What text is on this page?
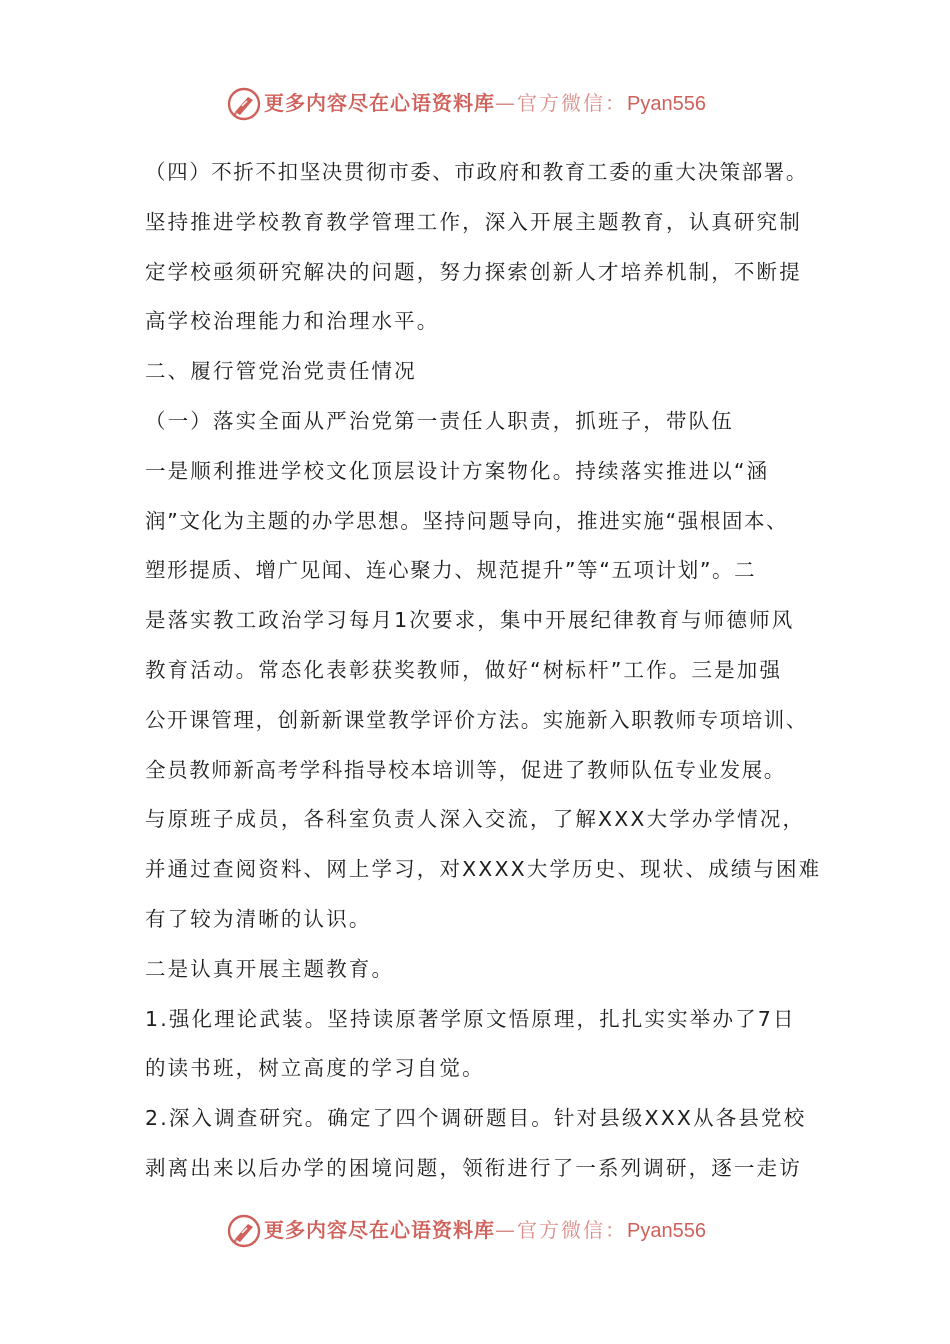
更多内容尽在心语资料库—官方微信：Pyan556
（四）不折不扣坚决贯彻市委、市政府和教育工委的重大决策部署。
坚持推进学校教育教学管理工作，深入开展主题教育，认真研究制
定学校亟须研究解决的问题，努力探索创新人才培养机制，不断提
高学校治理能力和治理水平。
二、履行管党治党责任情况
（一）落实全面从严治党第一责任人职责，抓班子，带队伍
一是顺利推进学校文化顶层设计方案物化。持续落实推进以“涵
润”文化为主题的办学思想。坚持问题导向，推进实施“强根固本、
塑形提质、增广见闻、连心聚力、规范提升”等“五项计划”。二
是落实教工政治学习每月1次要求，集中开展纪律教育与师德师风
教育活动。常态化表彰获奖教师，做好“树标杆”工作。三是加强
公开课管理，创新新课堂教学评价方法。实施新入职教师专项培训、
全员教师新高考学科指导校本培训等，促进了教师队伍专业发展。
与原班子成员，各科室负责人深入交流，了解XXX大学办学情况，
并通过查阅资料、网上学习，对XXXX大学历史、现状、成绩与困难
有了较为清晰的认识。
二是认真开展主题教育。
1.强化理论武装。坚持读原著学原文悟原理，扎扎实实举办了7日
的读书班，树立高度的学习自觉。
2.深入调查研究。确定了四个调研题目。针对县级XXX从各县党校
剥离出来以后办学的困境问题，领衔进行了一系列调研，逐一走访
更多内容尽在心语资料库—官方微信：Pyan556
